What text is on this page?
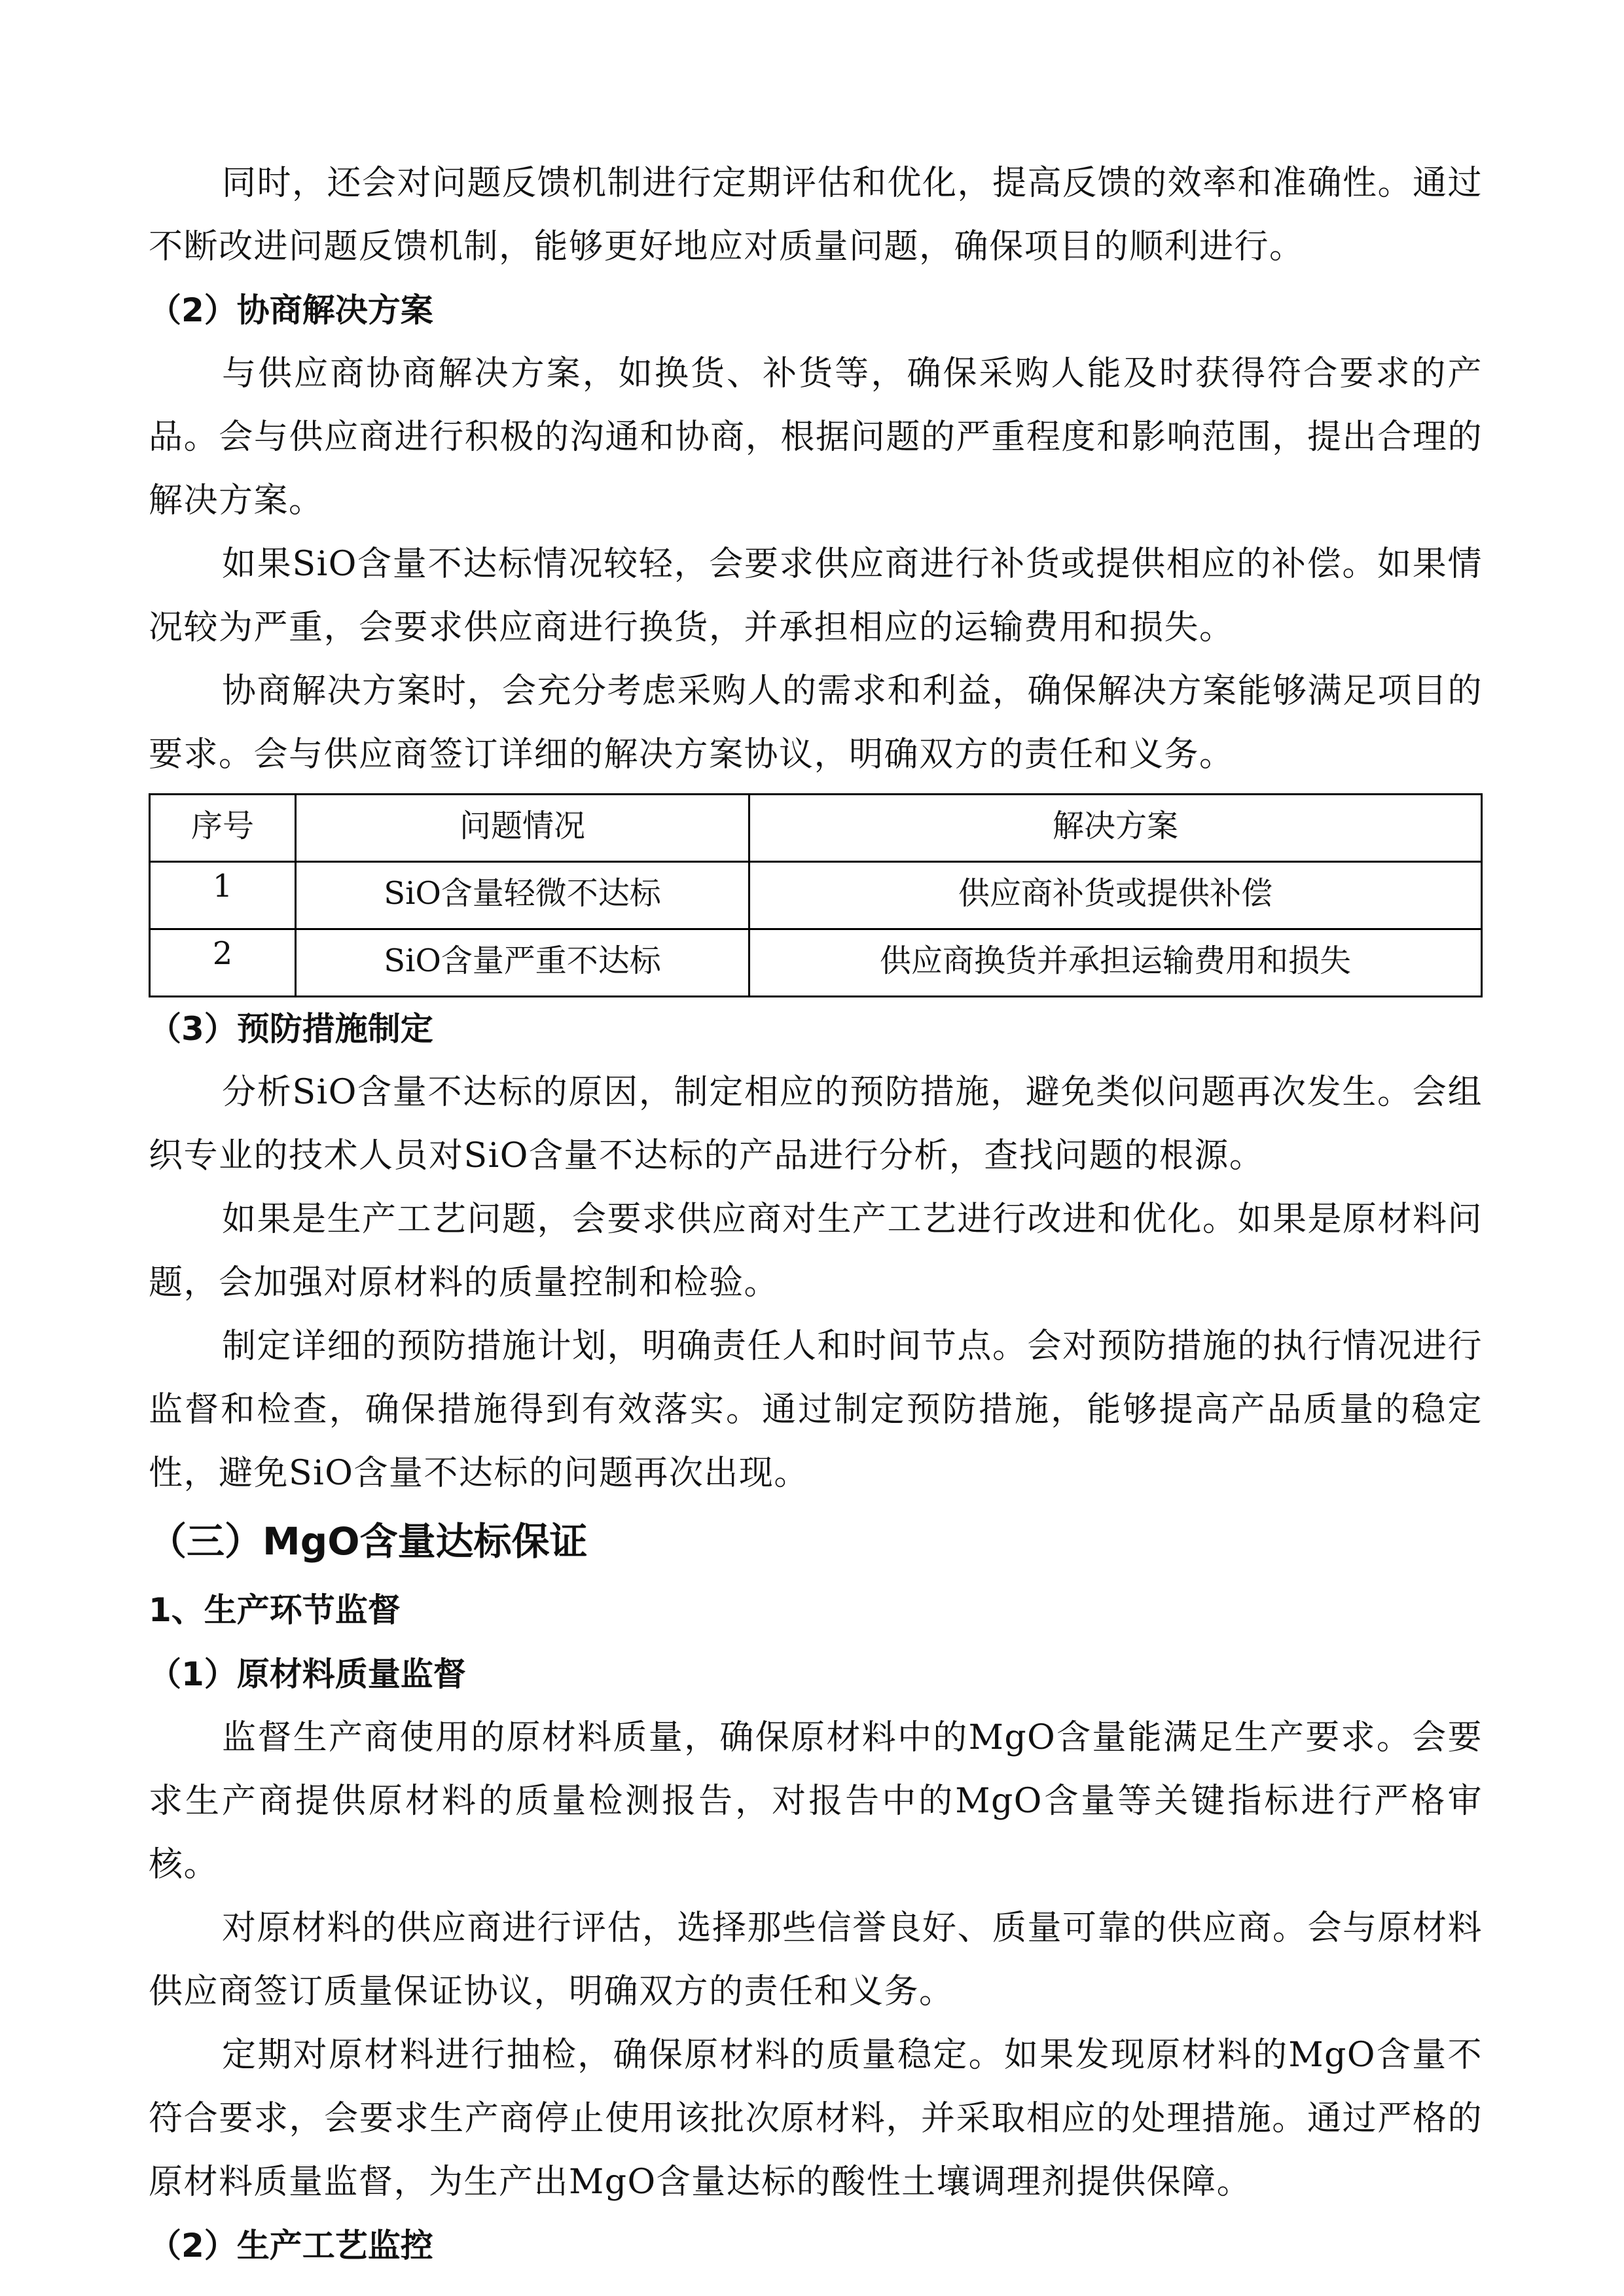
同时，还会对问题反馈机制进行定期评估和优化，提高反馈的效率和准确性。通过不断改进问题反馈机制，能够更好地应对质量问题，确保项目的顺利进行。

（2）协商解决方案

与供应商协商解决方案，如换货、补货等，确保采购人能及时获得符合要求的产品。会与供应商进行积极的沟通和协商，根据问题的严重程度和影响范围，提出合理的解决方案。

如果SiO含量不达标情况较轻，会要求供应商进行补货或提供相应的补偿。如果情况较为严重，会要求供应商进行换货，并承担相应的运输费用和损失。

协商解决方案时，会充分考虑采购人的需求和利益，确保解决方案能够满足项目的要求。会与供应商签订详细的解决方案协议，明确双方的责任和义务。

序号	问题情况	解决方案
1	SiO含量轻微不达标	供应商补货或提供补偿
2	SiO含量严重不达标	供应商换货并承担运输费用和损失

（3）预防措施制定

分析SiO含量不达标的原因，制定相应的预防措施，避免类似问题再次发生。会组织专业的技术人员对SiO含量不达标的产品进行分析，查找问题的根源。

如果是生产工艺问题，会要求供应商对生产工艺进行改进和优化。如果是原材料问题，会加强对原材料的质量控制和检验。

制定详细的预防措施计划，明确责任人和时间节点。会对预防措施的执行情况进行监督和检查，确保措施得到有效落实。通过制定预防措施，能够提高产品质量的稳定性，避免SiO含量不达标的问题再次出现。

（三）MgO含量达标保证

1、生产环节监督

（1）原材料质量监督

监督生产商使用的原材料质量，确保原材料中的MgO含量能满足生产要求。会要求生产商提供原材料的质量检测报告，对报告中的MgO含量等关键指标进行严格审核。

对原材料的供应商进行评估，选择那些信誉良好、质量可靠的供应商。会与原材料供应商签订质量保证协议，明确双方的责任和义务。

定期对原材料进行抽检，确保原材料的质量稳定。如果发现原材料的MgO含量不符合要求，会要求生产商停止使用该批次原材料，并采取相应的处理措施。通过严格的原材料质量监督，为生产出MgO含量达标的酸性土壤调理剂提供保障。

（2）生产工艺监控
